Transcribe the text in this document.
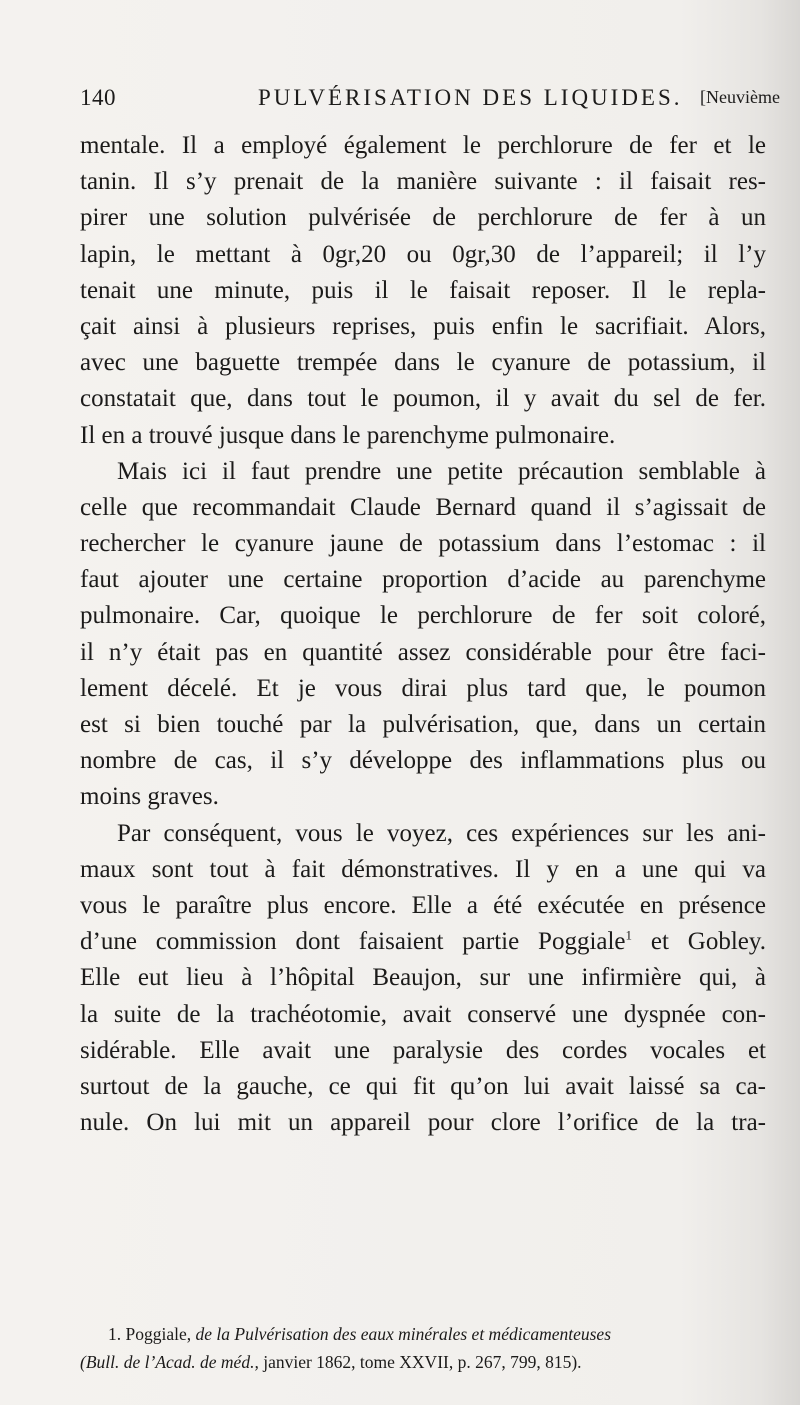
140	PULVÉRISATION DES LIQUIDES. [Neuvième
mentale. Il a employé également le perchlorure de fer et le
tanin. Il s’y prenait de la manière suivante : il faisait res-
pirer une solution pulvérisée de perchlorure de fer à un
lapin, le mettant à 0gr,20 ou 0gr,30 de l’appareil; il l’y
tenait une minute, puis il le faisait reposer. Il le repla-
çait ainsi à plusieurs reprises, puis enfin le sacrifiait. Alors,
avec une baguette trempée dans le cyanure de potassium, il
constatait que, dans tout le poumon, il y avait du sel de fer.
Il en a trouvé jusque dans le parenchyme pulmonaire.
Mais ici il faut prendre une petite précaution semblable à
celle que recommandait Claude Bernard quand il s’agissait de
rechercher le cyanure jaune de potassium dans l’estomac : il
faut ajouter une certaine proportion d’acide au parenchyme
pulmonaire. Car, quoique le perchlorure de fer soit coloré,
il n’y était pas en quantité assez considérable pour être faci-
lement décelé. Et je vous dirai plus tard que, le poumon
est si bien touché par la pulvérisation, que, dans un certain
nombre de cas, il s’y développe des inflammations plus ou
moins graves.
Par conséquent, vous le voyez, ces expériences sur les ani-
maux sont tout à fait démonstratives. Il y en a une qui va
vous le paraître plus encore. Elle a été exécutée en présence
d’une commission dont faisaient partie Poggiale$^1$ et Gobley.
Elle eut lieu à l’hôpital Beaujon, sur une infirmière qui, à
la suite de la trachéotomie, avait conservé une dyspnée con-
sidérable. Elle avait une paralysie des cordes vocales et
surtout de la gauche, ce qui fit qu’on lui avait laissé sa ca-
nule. On lui mit un appareil pour clore l’orifice de la tra-
1. Poggiale, de la Pulvérisation des eaux minérales et médicamenteuses
(Bull. de l’Acad. de méd., janvier 1862, tome XXVII, p. 267, 799, 815).
